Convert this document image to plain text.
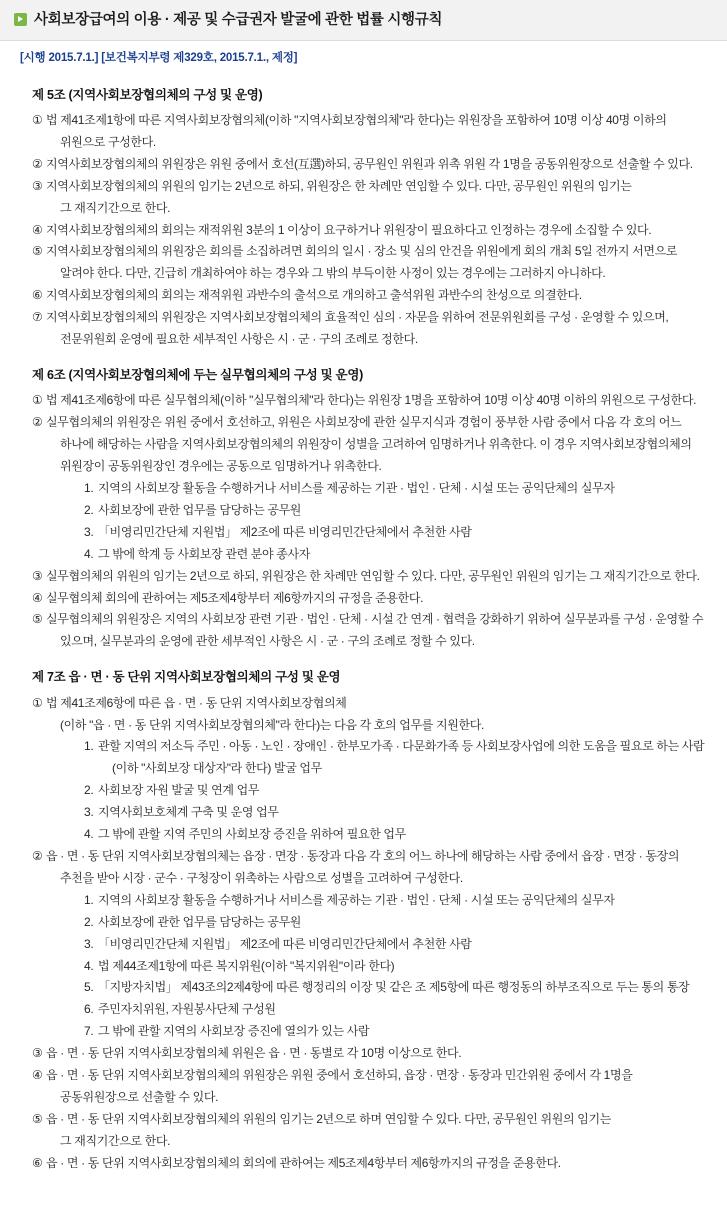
사회보장급여의 이용 · 제공 및 수급권자 발굴에 관한 법률 시행규칙
[시행 2015.7.1.] [보건복지부령 제329호, 2015.7.1., 제정]
제 5조 (지역사회보장협의체의 구성 및 운영)

① 법 제41조제1항에 따른 지역사회보장협의체(이하 "지역사회보장협의체"라 한다)는 위원장을 포함하여 10명 이상 40명 이하의

위원으로 구성한다.

② 지역사회보장협의체의 위원장은 위원 중에서 호선(互選)하되, 공무원인 위원과 위촉 위원 각 1명을 공동위원장으로 선출할 수 있다.

③ 지역사회보장협의체의 위원의 임기는 2년으로 하되, 위원장은 한 차례만 연임할 수 있다. 다만, 공무원인 위원의 임기는

그 재직기간으로 한다.

④ 지역사회보장협의체의 회의는 재적위원 3분의 1 이상이 요구하거나 위원장이 필요하다고 인정하는 경우에 소집할 수 있다.

⑤ 지역사회보장협의체의 위원장은 회의를 소집하려면 회의의 일시 · 장소 및 심의 안건을 위원에게 회의 개최 5일 전까지 서면으로

알려야 한다. 다만, 긴급히 개최하여야 하는 경우와 그 밖의 부득이한 사정이 있는 경우에는 그러하지 아니하다.

⑥ 지역사회보장협의체의 회의는 재적위원 과반수의 출석으로 개의하고 출석위원 과반수의 찬성으로 의결한다.

⑦ 지역사회보장협의체의 위원장은 지역사회보장협의체의 효율적인 심의 · 자문을 위하여 전문위원회를 구성 · 운영할 수 있으며,

전문위원회 운영에 필요한 세부적인 사항은 시 · 군 · 구의 조례로 정한다.

제 6조 (지역사회보장협의체에 두는 실무협의체의 구성 및 운영)

① 법 제41조제6항에 따른 실무협의체(이하 "실무협의체"라 한다)는 위원장 1명을 포함하여 10명 이상 40명 이하의 위원으로 구성한다.

② 실무협의체의 위원장은 위원 중에서 호선하고, 위원은 사회보장에 관한 실무지식과 경험이 풍부한 사람 중에서 다음 각 호의 어느

하나에 해당하는 사람을 지역사회보장협의체의 위원장이 성별을 고려하여 임명하거나 위촉한다. 이 경우 지역사회보장협의체의

위원장이 공동위원장인 경우에는 공동으로 임명하거나 위촉한다.

1. 지역의 사회보장 활동을 수행하거나 서비스를 제공하는 기관 · 법인 · 단체 · 시설 또는 공익단체의 실무자

2. 사회보장에 관한 업무를 담당하는 공무원

3. 「비영리민간단체 지원법」 제2조에 따른 비영리민간단체에서 추천한 사람

4. 그 밖에 학계 등 사회보장 관련 분야 종사자

③ 실무협의체의 위원의 임기는 2년으로 하되, 위원장은 한 차례만 연임할 수 있다. 다만, 공무원인 위원의 임기는 그 재직기간으로 한다.

④ 실무협의체 회의에 관하여는 제5조제4항부터 제6항까지의 규정을 준용한다.

⑤ 실무협의체의 위원장은 지역의 사회보장 관련 기관 · 법인 · 단체 · 시설 간 연계 · 협력을 강화하기 위하여 실무분과를 구성 · 운영할 수

있으며, 실무분과의 운영에 관한 세부적인 사항은 시 · 군 · 구의 조례로 정할 수 있다.

제 7조 읍 · 면 · 동 단위 지역사회보장협의체의 구성 및 운영

① 법 제41조제6항에 따른 읍 · 면 · 동 단위 지역사회보장협의체

(이하 "읍 · 면 · 동 단위 지역사회보장협의체"라 한다)는 다음 각 호의 업무를 지원한다.

1. 관할 지역의 저소득 주민 · 아동 · 노인 · 장애인 · 한부모가족 · 다문화가족 등 사회보장사업에 의한 도움을 필요로 하는 사람

(이하 "사회보장 대상자"라 한다) 발굴 업무

2. 사회보장 자원 발굴 및 연계 업무

3. 지역사회보호체계 구축 및 운영 업무

4. 그 밖에 관할 지역 주민의 사회보장 증진을 위하여 필요한 업무

② 읍 · 면 · 동 단위 지역사회보장협의체는 읍장 · 면장 · 동장과 다음 각 호의 어느 하나에 해당하는 사람 중에서 읍장 · 면장 · 동장의

추천을 받아 시장 · 군수 · 구청장이 위촉하는 사람으로 성별을 고려하여 구성한다.

1. 지역의 사회보장 활동을 수행하거나 서비스를 제공하는 기관 · 법인 · 단체 · 시설 또는 공익단체의 실무자

2. 사회보장에 관한 업무를 담당하는 공무원

3. 「비영리민간단체 지원법」 제2조에 따른 비영리민간단체에서 추천한 사람

4. 법 제44조제1항에 따른 복지위원(이하 "복지위원"이라 한다)

5. 「지방자치법」 제43조의2제4항에 따른 행정리의 이장 및 같은 조 제5항에 따른 행정동의 하부조직으로 두는 통의 통장

6. 주민자치위원, 자원봉사단체 구성원

7. 그 밖에 관할 지역의 사회보장 증진에 열의가 있는 사람

③ 읍 · 면 · 동 단위 지역사회보장협의체 위원은 읍 · 면 · 동별로 각 10명 이상으로 한다.

④ 읍 · 면 · 동 단위 지역사회보장협의체의 위원장은 위원 중에서 호선하되, 읍장 · 면장 · 동장과 민간위원 중에서 각 1명을

공동위원장으로 선출할 수 있다.

⑤ 읍 · 면 · 동 단위 지역사회보장협의체의 위원의 임기는 2년으로 하며 연임할 수 있다. 다만, 공무원인 위원의 임기는

그 재직기간으로 한다.

⑥ 읍 · 면 · 동 단위 지역사회보장협의체의 회의에 관하여는 제5조제4항부터 제6항까지의 규정을 준용한다.
